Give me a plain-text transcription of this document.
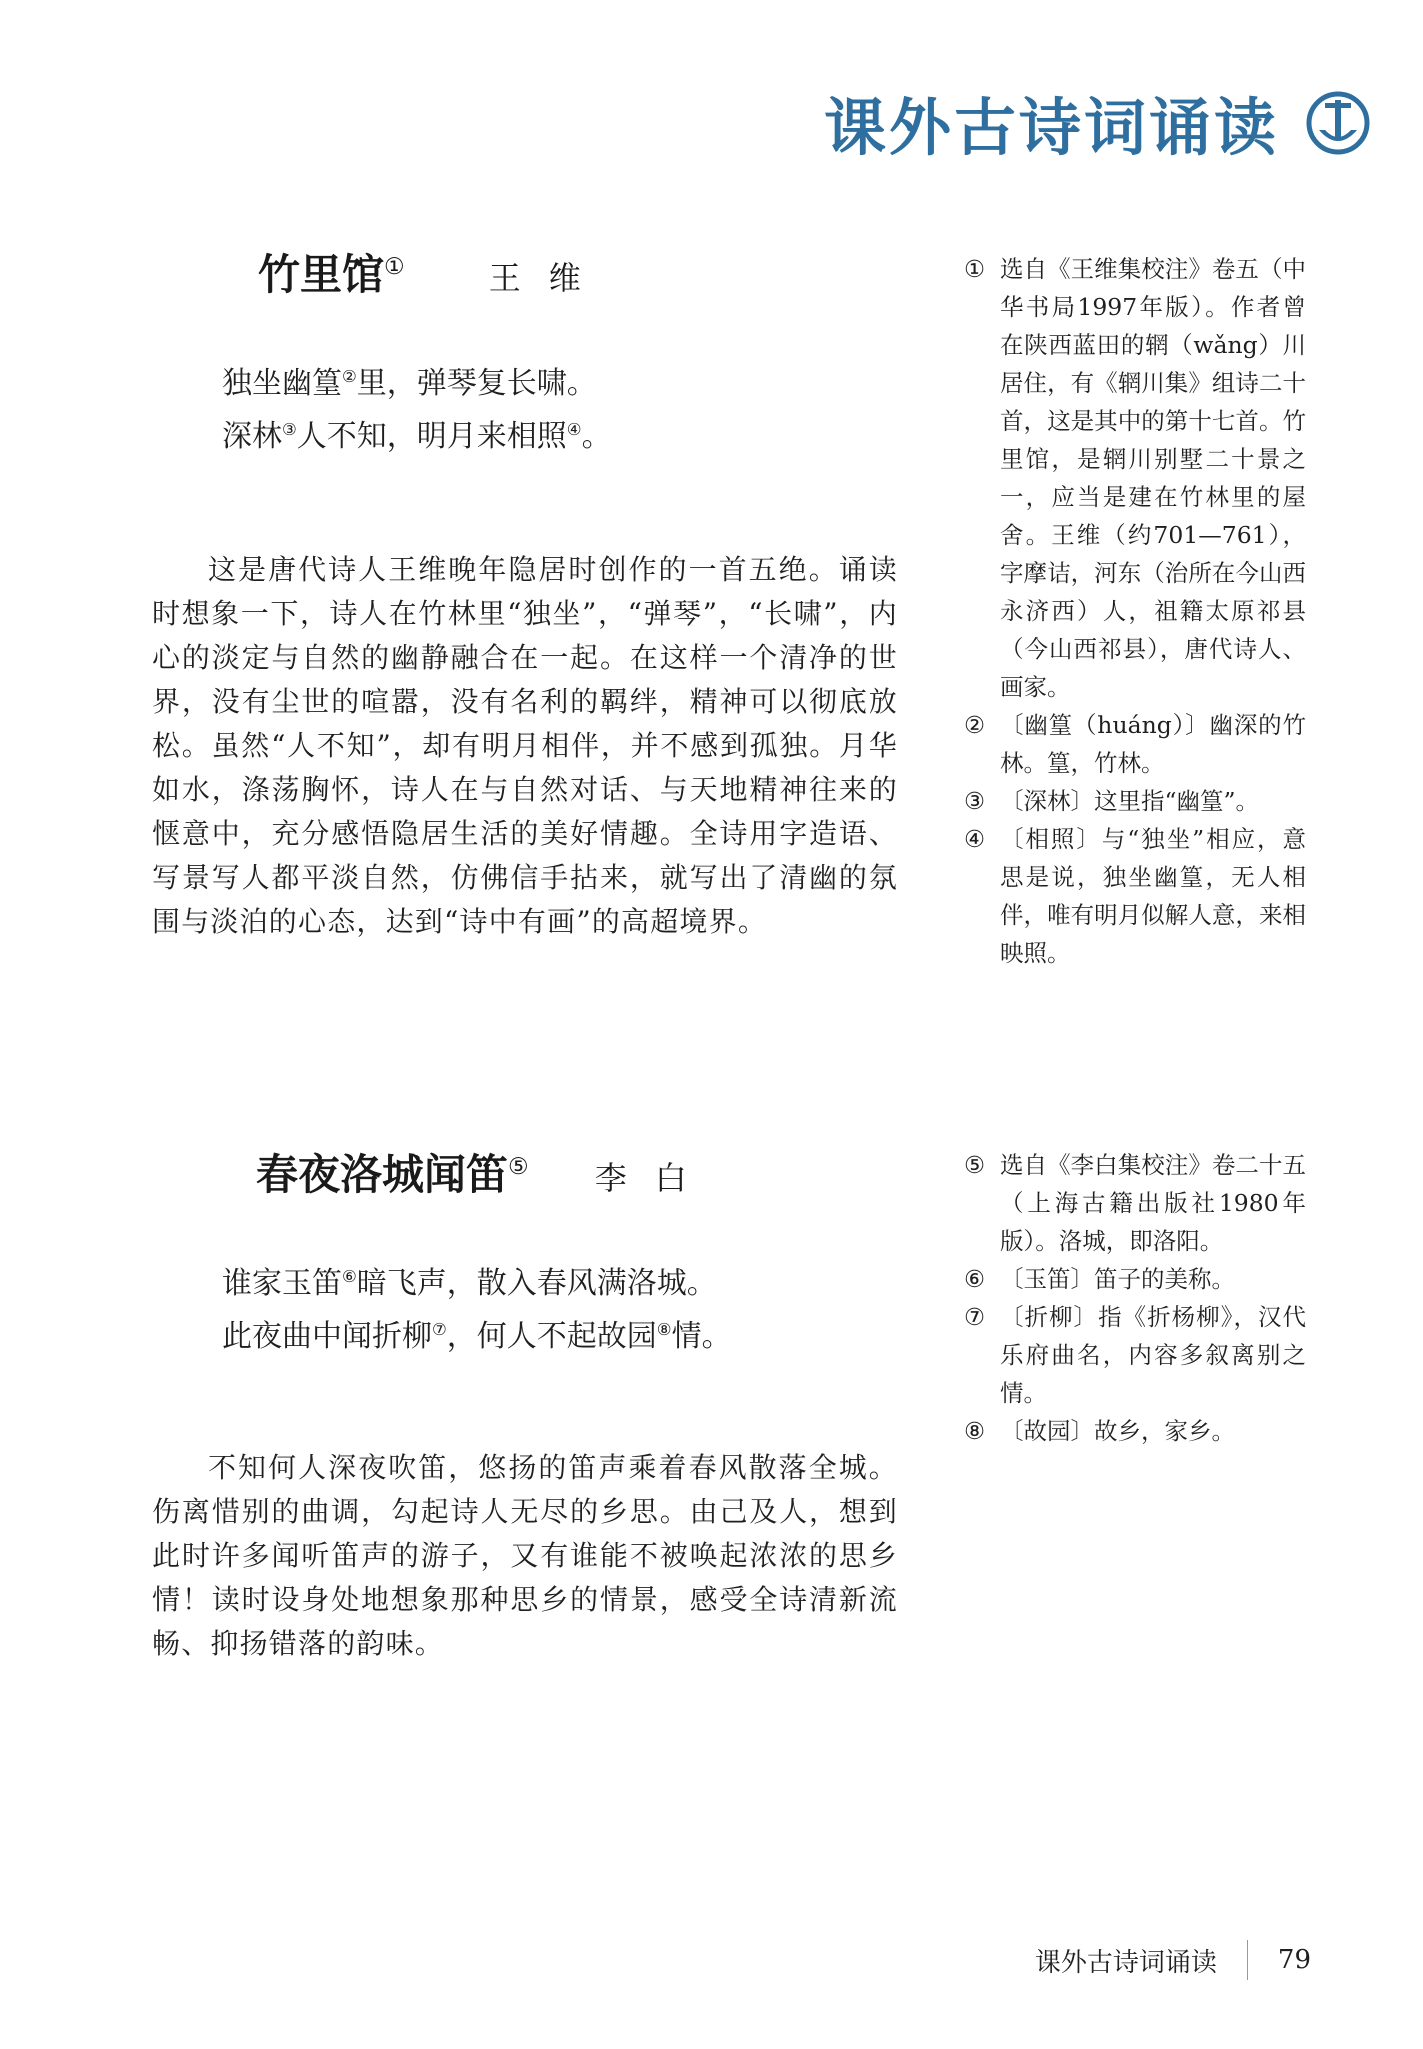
课外古诗词诵读
竹里馆①	王维
独坐幽篁②里，弹琴复长啸。
深林③人不知，明月来相照④。
这是唐代诗人王维晚年隐居时创作的一首五绝。诵读时想象一下，诗人在竹林里“独坐”，“弹琴”，“长啸”，内心的淡定与自然的幽静融合在一起。在这样一个清净的世界，没有尘世的喧嚣，没有名利的羁绊，精神可以彻底放松。虽然“人不知”，却有明月相伴，并不感到孤独。月华如水，涤荡胸怀，诗人在与自然对话、与天地精神往来的惬意中，充分感悟隐居生活的美好情趣。全诗用字造语、写景写人都平淡自然，仿佛信手拈来，就写出了清幽的氛围与淡泊的心态，达到“诗中有画”的高超境界。
① 选自《王维集校注》卷五（中华书局1997年版）。作者曾在陕西蓝田的辋（wǎng）川居住，有《辋川集》组诗二十首，这是其中的第十七首。竹里馆，是辋川别墅二十景之一，应当是建在竹林里的屋舍。王维（约701—761），字摩诘，河东（治所在今山西永济西）人，祖籍太原祁县（今山西祁县），唐代诗人、画家。
② 〔幽篁（huáng）〕幽深的竹林。篁，竹林。
③ 〔深林〕这里指“幽篁”。
④ 〔相照〕与“独坐”相应，意思是说，独坐幽篁，无人相伴，唯有明月似解人意，来相映照。
春夜洛城闻笛⑤ 李白
谁家玉笛⑥暗飞声，散入春风满洛城。
此夜曲中闻折柳⑦，何人不起故园⑧情。
不知何人深夜吹笛，悠扬的笛声乘着春风散落全城。伤离惜别的曲调，勾起诗人无尽的乡思。由己及人，想到此时许多闻听笛声的游子，又有谁能不被唤起浓浓的思乡情！读时设身处地想象那种思乡的情景，感受全诗清新流畅、抑扬错落的韵味。
⑤ 选自《李白集校注》卷二十五（上海古籍出版社1980年版）。洛城，即洛阳。
⑥ 〔玉笛〕笛子的美称。
⑦ 〔折柳〕指《折杨柳》，汉代乐府曲名，内容多叙离别之情。
⑧ 〔故园〕故乡，家乡。
课外古诗词诵读 79
